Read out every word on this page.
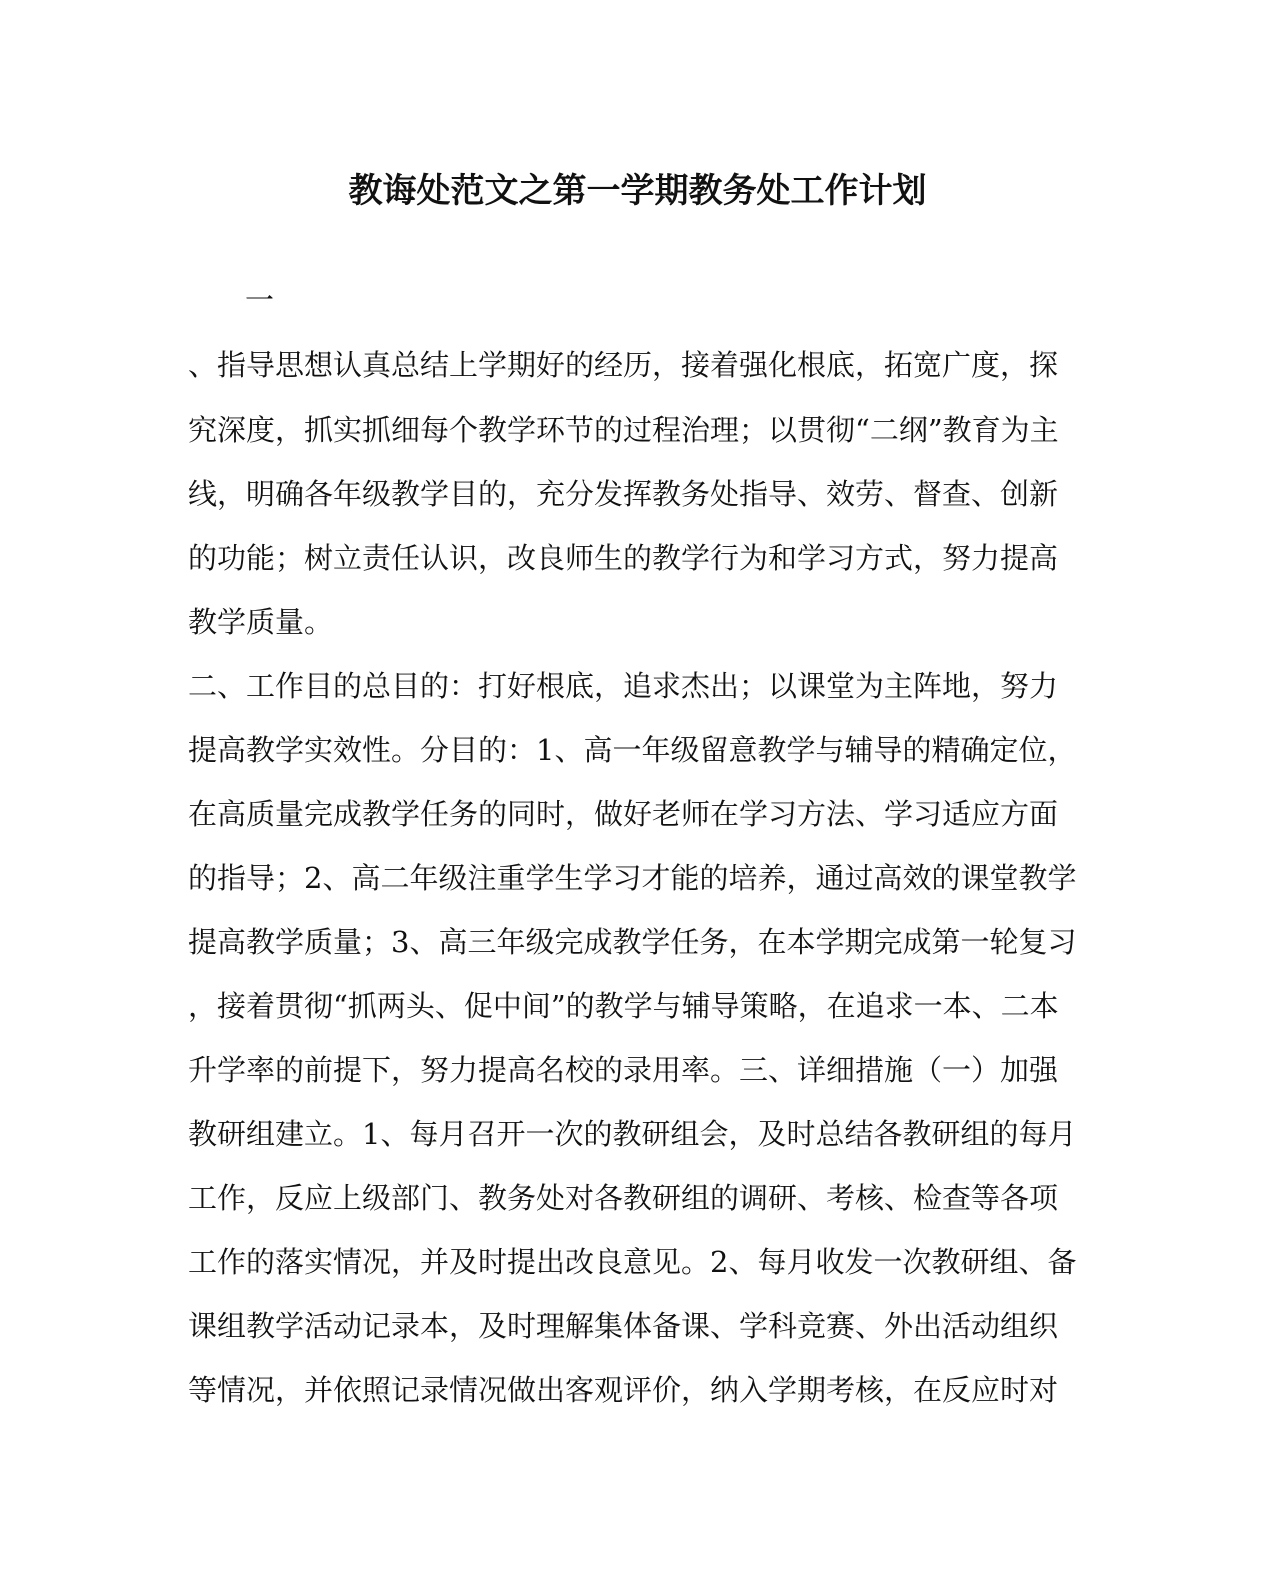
教诲处范文之第一学期教务处工作计划
一
、指导思想认真总结上学期好的经历，接着强化根底，拓宽广度，探
究深度，抓实抓细每个教学环节的过程治理；以贯彻“二纲”教育为主
线，明确各年级教学目的，充分发挥教务处指导、效劳、督查、创新
的功能；树立责任认识，改良师生的教学行为和学习方式，努力提高
教学质量。
二、工作目的总目的：打好根底，追求杰出；以课堂为主阵地，努力
提高教学实效性。分目的：1、高一年级留意教学与辅导的精确定位，
在高质量完成教学任务的同时，做好老师在学习方法、学习适应方面
的指导；2、高二年级注重学生学习才能的培养，通过高效的课堂教学
提高教学质量；3、高三年级完成教学任务，在本学期完成第一轮复习
，接着贯彻“抓两头、促中间”的教学与辅导策略，在追求一本、二本
升学率的前提下，努力提高名校的录用率。三、详细措施（一）加强
教研组建立。1、每月召开一次的教研组会，及时总结各教研组的每月
工作，反应上级部门、教务处对各教研组的调研、考核、检查等各项
工作的落实情况，并及时提出改良意见。2、每月收发一次教研组、备
课组教学活动记录本，及时理解集体备课、学科竞赛、外出活动组织
等情况，并依照记录情况做出客观评价，纳入学期考核，在反应时对
